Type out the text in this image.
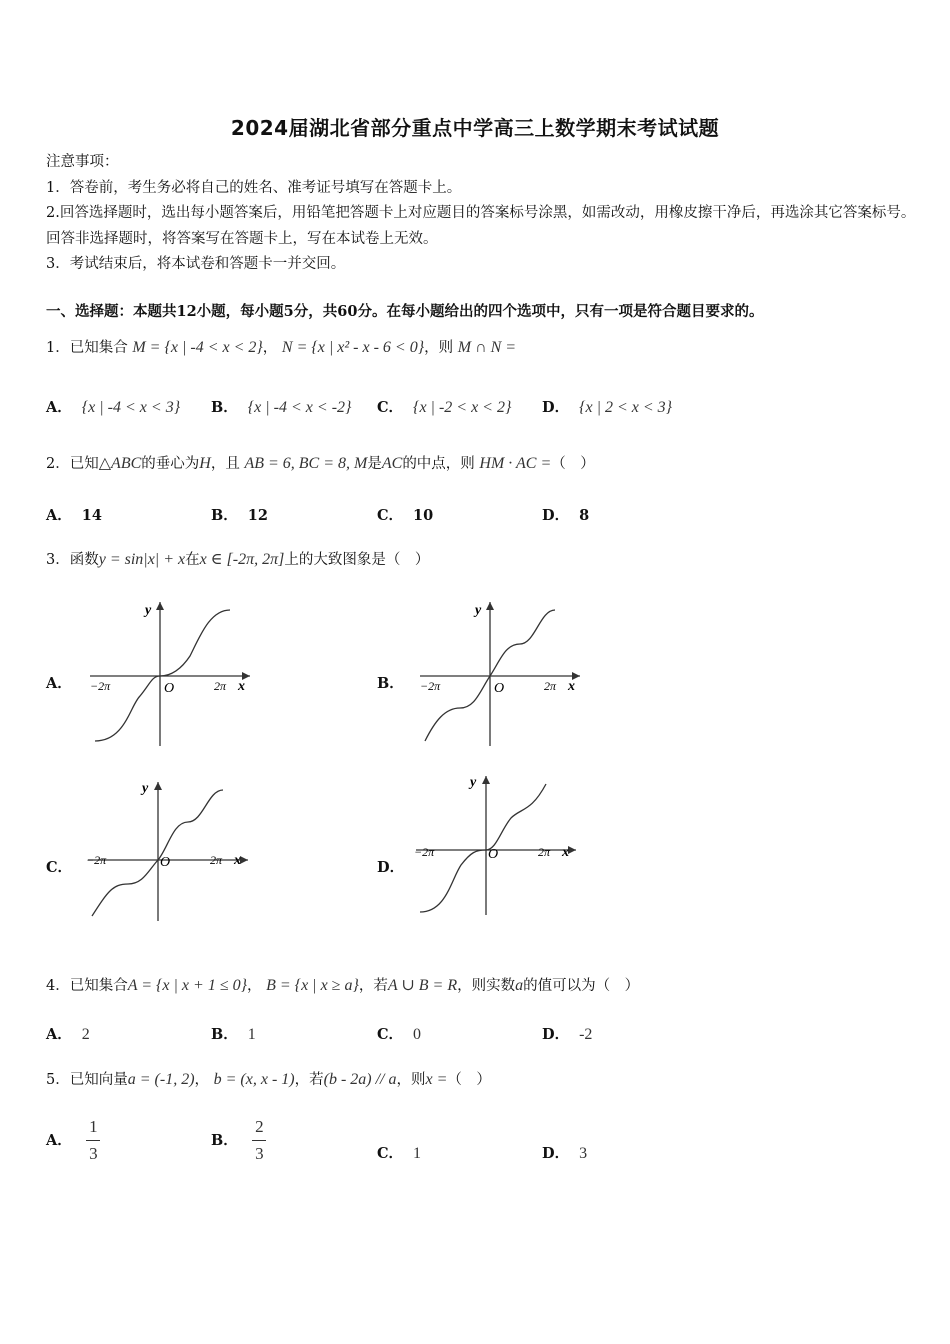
2024届湖北省部分重点中学高三上数学期末考试试题
注意事项：
1．答卷前，考生务必将自己的姓名、准考证号填写在答题卡上。
2.回答选择题时，选出每小题答案后，用铅笔把答题卡上对应题目的答案标号涂黑，如需改动，用橡皮擦干净后，再选涂其它答案标号。回答非选择题时，将答案写在答题卡上，写在本试卷上无效。
3．考试结束后，将本试卷和答题卡一并交回。
一、选择题：本题共12小题，每小题5分，共60分。在每小题给出的四个选项中，只有一项是符合题目要求的。
1．已知集合 M = {x | -4 < x < 2}， N = {x | x² - x - 6 < 0}，则 M ∩ N =
A． {x | -4 < x < 3} B． {x | -4 < x < -2} C． {x | -2 < x < 2} D． {x | 2 < x < 3}
2．已知△ABC的垂心为H，且 AB = 6, BC = 8, M是AC的中点，则 HM · AC =（　）
A． 14	B． 12	C． 10	D． 8
3．函数y = sin|x| + x在x ∈ [-2π, 2π]上的大致图象是（　）
A．	B．
C．	D．
y
x
O
−2π	2π
y
x
O
−2π	2π
y
x
O
−2π	2π
y
x
O
−2π	2π
4．已知集合A = {x | x + 1 ≤ 0}， B = {x | x ≥ a}，若A ∪ B = R，则实数a的值可以为（　）
A． 2	B． 1	C． 0	D． -2
5．已知向量a = (-1, 2)， b = (x, x - 1)，若(b - 2a) // a，则x =（　）
A． $\frac{1}{3}$	B． $\frac{2}{3}$	C． 1	D． 3
